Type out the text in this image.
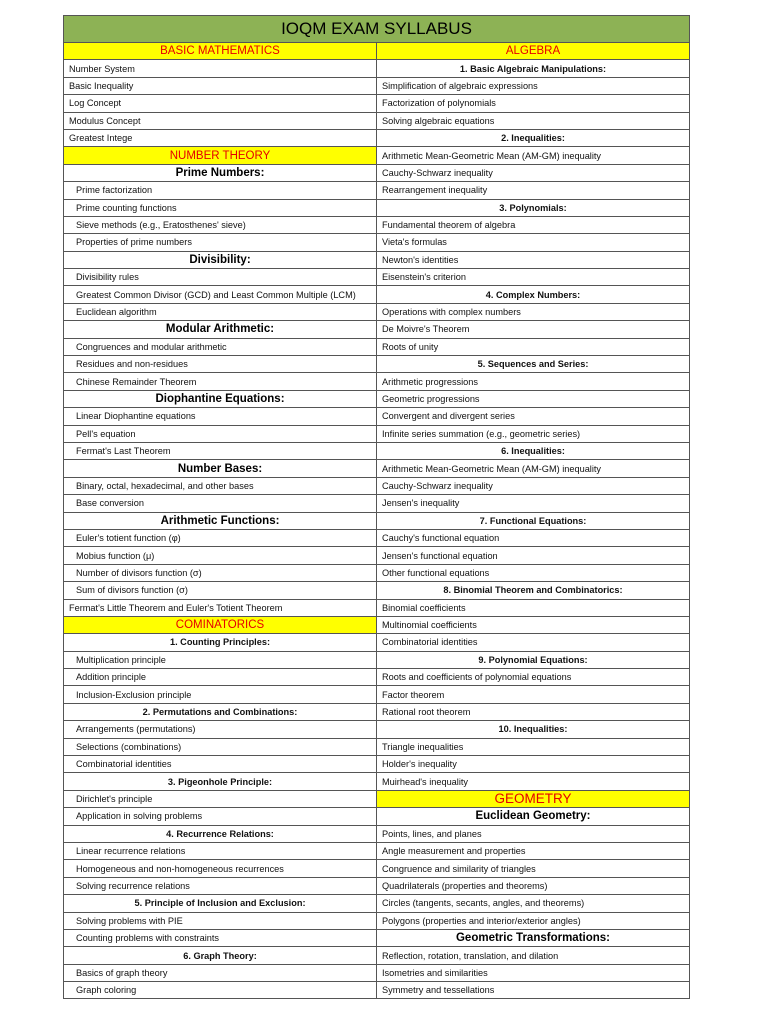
IOQM EXAM SYLLABUS	
BASIC MATHEMATICS	ALGEBRA
Number System	1. Basic Algebraic Manipulations:
Basic Inequality	Simplification of algebraic expressions
Log Concept	Factorization of polynomials
Modulus Concept	Solving algebraic equations
Greatest Intege	2. Inequalities:
NUMBER THEORY	Arithmetic Mean-Geometric Mean (AM-GM) inequality
Prime Numbers:	Cauchy-Schwarz inequality
Prime factorization	Rearrangement inequality
Prime counting functions	3. Polynomials:
Sieve methods (e.g., Eratosthenes' sieve)	Fundamental theorem of algebra
Properties of prime numbers	Vieta's formulas
Divisibility:	Newton's identities
Divisibility rules	Eisenstein's criterion
Greatest Common Divisor (GCD) and Least Common Multiple (LCM)	4. Complex Numbers:
Euclidean algorithm	Operations with complex numbers
Modular Arithmetic:	De Moivre's Theorem
Congruences and modular arithmetic	Roots of unity
Residues and non-residues	5. Sequences and Series:
Chinese Remainder Theorem	Arithmetic progressions
Diophantine Equations:	Geometric progressions
Linear Diophantine equations	Convergent and divergent series
Pell's equation	Infinite series summation (e.g., geometric series)
Fermat's Last Theorem	6. Inequalities:
Number Bases:	Arithmetic Mean-Geometric Mean (AM-GM) inequality
Binary, octal, hexadecimal, and other bases	Cauchy-Schwarz inequality
Base conversion	Jensen's inequality
Arithmetic Functions:	7. Functional Equations:
Euler's totient function (φ)	Cauchy's functional equation
Mobius function (μ)	Jensen's functional equation
Number of divisors function (σ)	Other functional equations
Sum of divisors function (σ)	8. Binomial Theorem and Combinatorics:
Fermat's Little Theorem and Euler's Totient Theorem	Binomial coefficients
COMINATORICS	Multinomial coefficients
1. Counting Principles:	Combinatorial identities
Multiplication principle	9. Polynomial Equations:
Addition principle	Roots and coefficients of polynomial equations
Inclusion-Exclusion principle	Factor theorem
2. Permutations and Combinations:	Rational root theorem
Arrangements (permutations)	10. Inequalities:
Selections (combinations)	Triangle inequalities
Combinatorial identities	Holder's inequality
3. Pigeonhole Principle:	Muirhead's inequality
Dirichlet's principle	GEOMETRY
Application in solving problems	Euclidean Geometry:
4. Recurrence Relations:	Points, lines, and planes
Linear recurrence relations	Angle measurement and properties
Homogeneous and non-homogeneous recurrences	Congruence and similarity of triangles
Solving recurrence relations	Quadrilaterals (properties and theorems)
5. Principle of Inclusion and Exclusion:	Circles (tangents, secants, angles, and theorems)
Solving problems with PIE	Polygons (properties and interior/exterior angles)
Counting problems with constraints	Geometric Transformations:
6. Graph Theory:	Reflection, rotation, translation, and dilation
Basics of graph theory	Isometries and similarities
Graph coloring	Symmetry and tessellations
